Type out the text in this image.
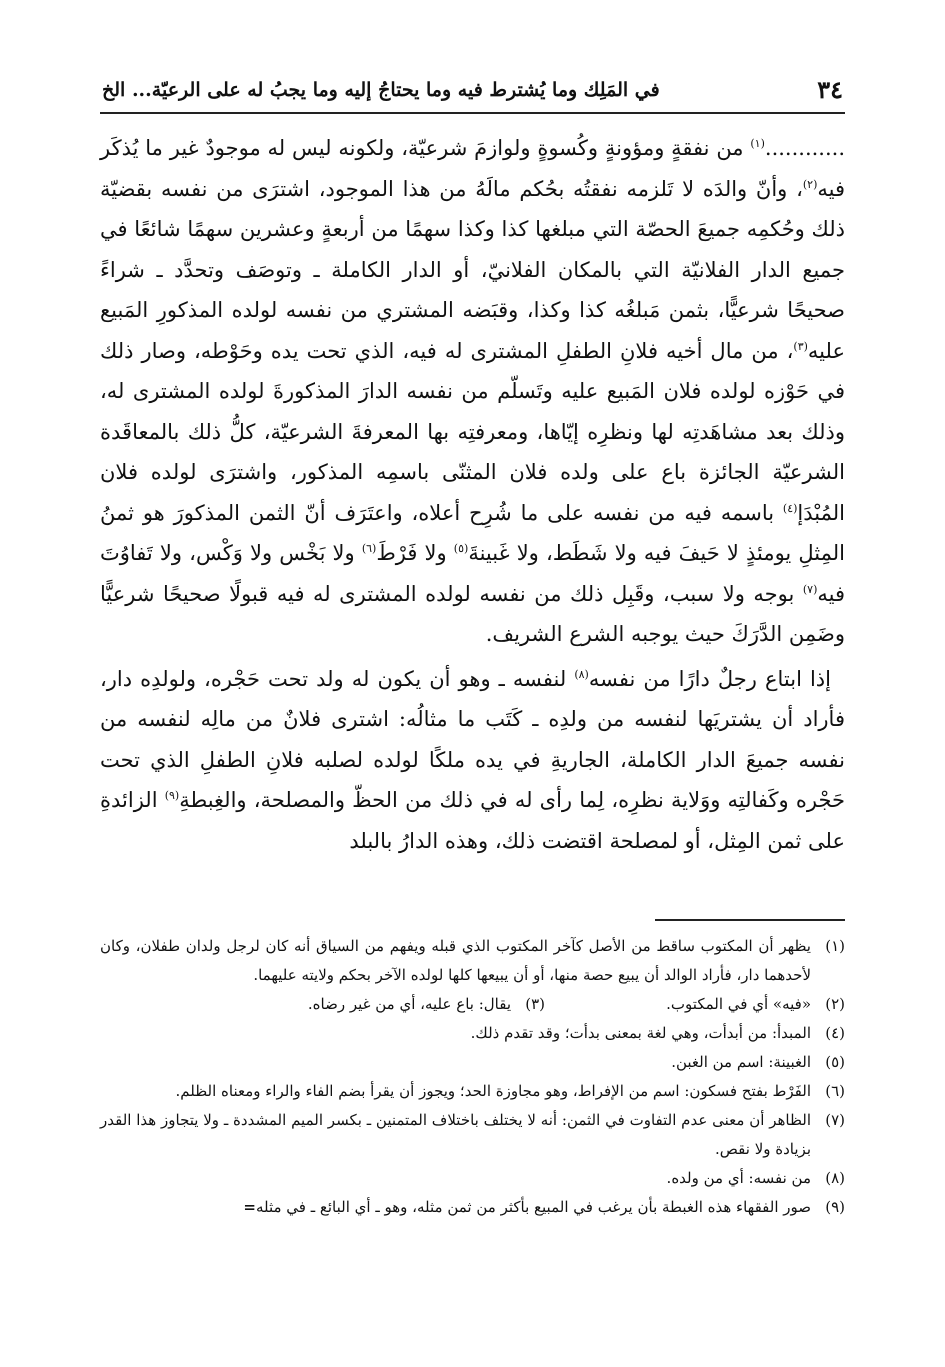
٣٤
في المَلِك وما يُشترط فيه وما يحتاجُ إليه وما يجبُ له على الرعيّة... الخ

............$^{(١)}$ من نفقةٍ ومؤونةٍ وكُسوةٍ ولوازمَ شرعيّة، ولكونه ليس له موجودٌ غير ما يُذكَر فيه$^{(٢)}$، وأنّ والدَه لا تَلزمه نفقتُه بحُكم مالَهُ من هذا الموجود، اشترَى من نفسه بقضيّة ذلك وحُكمِه جميعَ الحصّة التي مبلغها كذا وكذا سهمًا من أربعةٍ وعشرين سهمًا شائعًا في جميع الدار الفلانيّة التي بالمكان الفلانيّ، أو الدار الكاملة ـ وتوصَف وتحدَّد ـ شراءً صحيحًا شرعيًّا، بثمن مَبلغُه كذا وكذا، وقبَضه المشتري من نفسه لولده المذكورِ المَبيع عليه$^{(٣)}$، من مال أخيه فلانِ الطفلِ المشترى له فيه، الذي تحت يده وحَوْطه، وصار ذلك في حَوْزه لولده فلان المَبيع عليه وتَسلّم من نفسه الدارَ المذكورةَ لولده المشترى له، وذلك بعد مشاهَدتِه لها ونظرِه إيّاها، ومعرفتِه بها المعرفةَ الشرعيّة، كلُّ ذلك بالمعاقَدة الشرعيّة الجائزة باع على ولده فلان المثنّى باسمِه المذكور، واشترَى لولده فلان المُبْدَإ$^{(٤)}$ باسمه فيه من نفسه على ما شُرِح أعلاه، واعتَرَف أنّ الثمن المذكورَ هو ثمنُ المِثلِ يومئذٍ لا حَيفَ فيه ولا شَطَط، ولا غَبينةَ$^{(٥)}$ ولا فَرْطَ$^{(٦)}$ ولا بَخْس ولا وَكْس، ولا تَفاوُتَ فيه$^{(٧)}$ بوجه ولا سبب، وقَبِل ذلك من نفسه لولده المشترى له فيه قبولًا صحيحًا شرعيًّا وضَمِن الدَّرَكَ حيث يوجبه الشرع الشريف.

إذا ابتاع رجلٌ دارًا من نفسه$^{(٨)}$ لنفسه ـ وهو أن يكون له ولد تحت حَجْره، ولولدِه دار، فأراد أن يشتريَها لنفسه من ولدِه ـ كَتَب ما مثالُه: اشترى فلانٌ من مالِه لنفسه من نفسه جميعَ الدار الكاملة، الجاريةِ في يده ملكًا لولده لصلبه فلانِ الطفلِ الذي تحت حَجْره وكَفالتِه ووَلاية نظرِه، لِما رأى له في ذلك من الحظّ والمصلحة، والغِبطةِ$^{(٩)}$ الزائدةِ على ثمن المِثل، أو لمصلحة اقتضت ذلك، وهذه الدارُ بالبلد

(١)
يظهر أن المكتوب ساقط من الأصل كآخر المكتوب الذي قبله ويفهم من السياق أنه كان لرجل ولدان طفلان، وكان لأحدهما دار، فأراد الوالد أن يبيع حصة منها، أو أن يبيعها كلها لولده الآخر بحكم ولايته عليهما.
(٢)
«فيه» أي في المكتوب.
(٣)
يقال: باع عليه، أي من غير رضاه.
(٤)
المبدأ: من أبدأت، وهي لغة بمعنى بدأت؛ وقد تقدم ذلك.
(٥)
الغبينة: اسم من الغبن.
(٦)
الفَرْط بفتح فسكون: اسم من الإفراط، وهو مجاوزة الحد؛ ويجوز أن يقرأ بضم الفاء والراء ومعناه الظلم.
(٧)
الظاهر أن معنى عدم التفاوت في الثمن: أنه لا يختلف باختلاف المتمنين ـ بكسر الميم المشددة ـ ولا يتجاوز هذا القدر بزيادة ولا نقص.
(٨)
من نفسه: أي من ولده.
(٩)
صور الفقهاء هذه الغبطة بأن يرغب في المبيع بأكثر من ثمن مثله، وهو ـ أي البائع ـ في مثله=
